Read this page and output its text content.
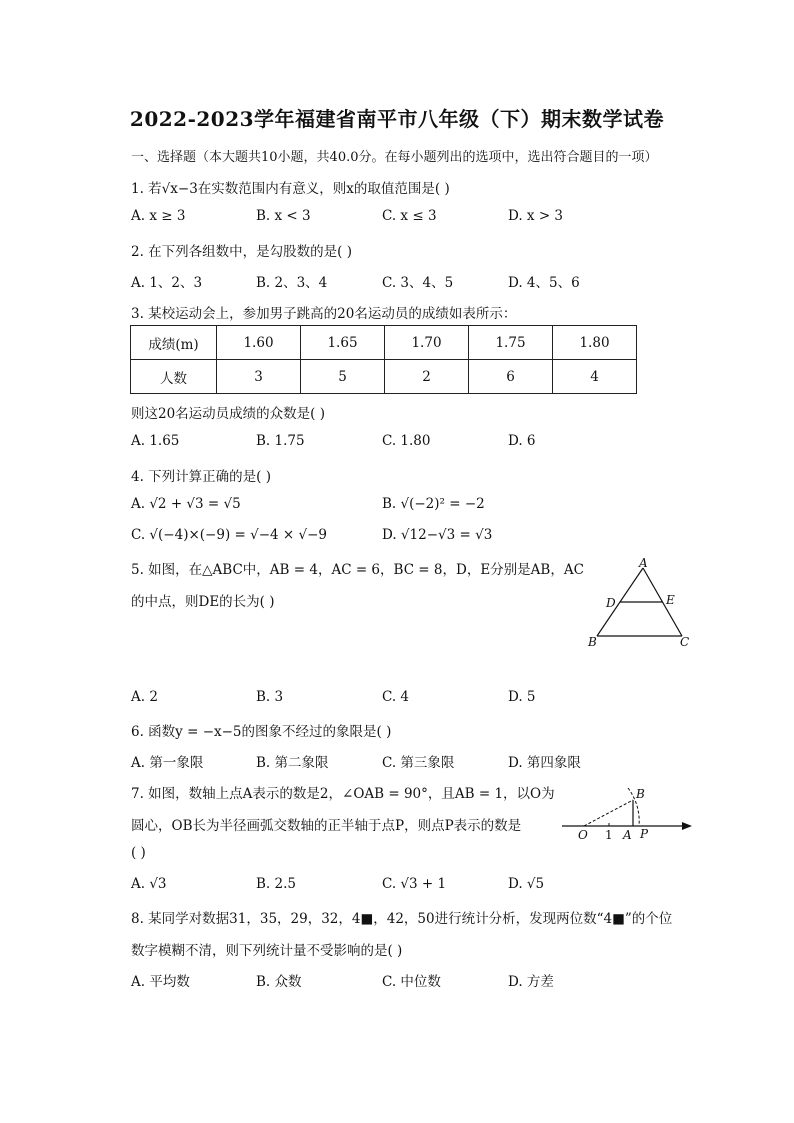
2022-2023学年福建省南平市八年级（下）期末数学试卷
一、选择题（本大题共10小题，共40.0分。在每小题列出的选项中，选出符合题目的一项）
1. 若√x−3在实数范围内有意义，则x的取值范围是( )
A. x ≥ 3	B. x < 3	C. x ≤ 3	D. x > 3
2. 在下列各组数中，是勾股数的是( )
A. 1、2、3	B. 2、3、4	C. 3、4、5	D. 4、5、6
3. 某校运动会上，参加男子跳高的20名运动员的成绩如表所示：
成绩(m)	1.60	1.65	1.70	1.75	1.80
人数	3	5	2	6	4
则这20名运动员成绩的众数是( )
A. 1.65	B. 1.75	C. 1.80	D. 6
4. 下列计算正确的是( )
A. √2 + √3 = √5	B. √(−2)² = −2
C. √(−4)×(−9) = √−4 × √−9	D. √12−√3 = √3
5. 如图，在△ABC中，AB = 4，AC = 6，BC = 8，D，E分别是AB，AC
的中点，则DE的长为( )
A
B	C
D	E
A. 2	B. 3	C. 4	D. 5
6. 函数y = −x−5的图象不经过的象限是( )
A. 第一象限	B. 第二象限	C. 第三象限	D. 第四象限
7. 如图，数轴上点A表示的数是2，∠OAB = 90°，且AB = 1，以O为
圆心，OB长为半径画弧交数轴的正半轴于点P，则点P表示的数是
( )
O 1 A P
B
A. √3	B. 2.5	C. √3 + 1	D. √5
8. 某同学对数据31，35，29，32，4■，42，50进行统计分析，发现两位数“4■”的个位
数字模糊不清，则下列统计量不受影响的是( )
A. 平均数	B. 众数	C. 中位数	D. 方差
